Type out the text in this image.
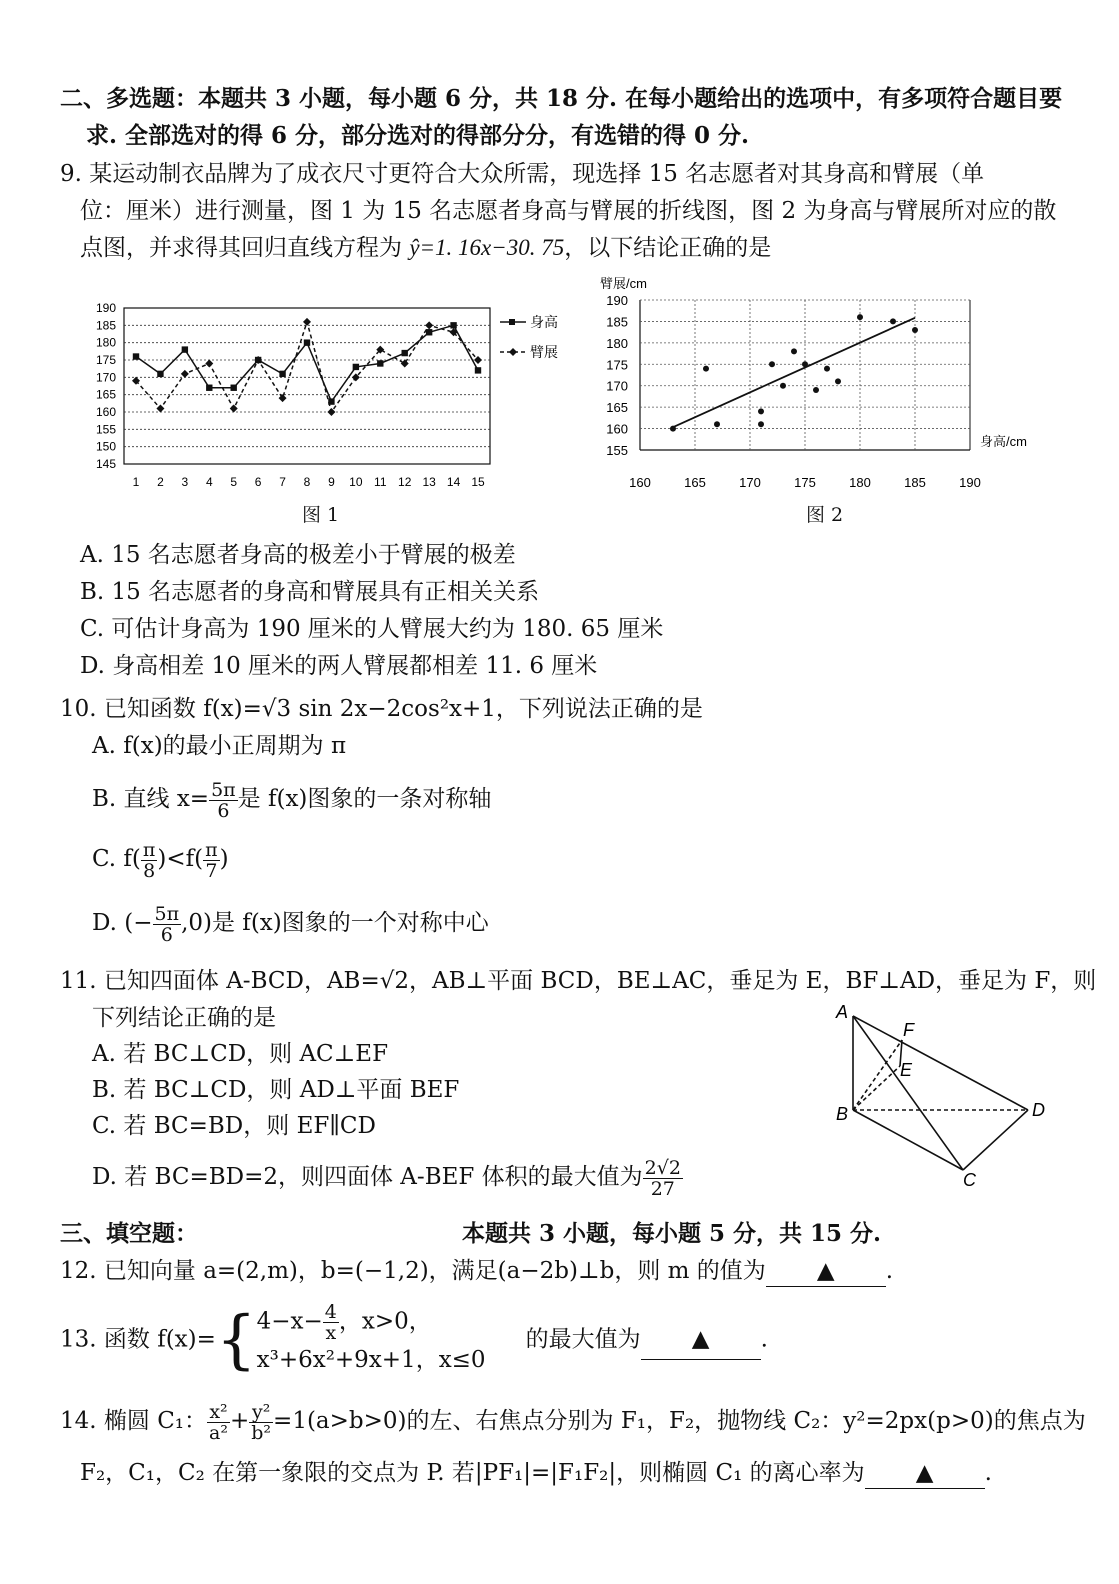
二、多选题：本题共 3 小题，每小题 6 分，共 18 分. 在每小题给出的选项中，有多项符合题目要
求. 全部选对的得 6 分，部分选对的得部分分，有选错的得 0 分.
9. 某运动制衣品牌为了成衣尺寸更符合大众所需，现选择 15 名志愿者对其身高和臂展（单
位：厘米）进行测量，图 1 为 15 名志愿者身高与臂展的折线图，图 2 为身高与臂展所对应的散
点图，并求得其回归直线方程为 ŷ=1. 16x−30. 75，以下结论正确的是
145
150
155
160
165
170
175
180
185
190
1 2 3 4 5 6 7 8 9 10 11 12 13 14 15
身高
臂展
图 1
155
160
165
170
175
180
185
190
160	165	170	175	180	185	190
臂展/cm
身高/cm
图 2
A. 15 名志愿者身高的极差小于臂展的极差
B. 15 名志愿者的身高和臂展具有正相关关系
C. 可估计身高为 190 厘米的人臂展大约为 180. 65 厘米
D. 身高相差 10 厘米的两人臂展都相差 11. 6 厘米
10. 已知函数 f(x)=√3 sin 2x−2cos²x+1，下列说法正确的是
A. f(x)的最小正周期为 π
B. 直线 $x= \frac{5\pi}{6}$ 是 f(x)图象的一条对称轴
C. $f( \frac{\pi}{8} )<f( \frac{\pi}{7}$ )
D. (− $\frac{5\pi}{6} ,0$)是 f(x)图象的一个对称中心
11. 已知四面体 A-BCD，AB=√2，AB⊥平面 BCD，BE⊥AC，垂足为 E，BF⊥AD，垂足为 F，则
下列结论正确的是
A. 若 BC⊥CD，则 AC⊥EF
B. 若 BC⊥CD，则 AD⊥平面 BEF
C. 若 BC=BD，则 EF∥CD
D. 若 BC=BD=2，则四面体 A-BEF 体积的最大值为 $\frac{2√2}{27}$
A
B
C
D
E
F
三、填空题：	本题共 3 小题，每小题 5 分，共 15 分.
12. 已知向量 a=(2,m)，b=(−1,2)，满足(a−2b)⊥b，则 m 的值为 ▲ .
13. 函数 f(x)={ $4-x- \frac{4}{x}$ ，x>0，
x³+6x²+9x+1，x≤0
的最大值为 ▲ .
14. 椭圆 C₁： $\frac{\text{x²}}{\text{a²}} + \frac{\text{y²}}{\text{b²}} =1(a>b>0)$的左、右焦点分别为 F₁，F₂，抛物线 C₂：y²=2px(p>0)的焦点为
F₂，C₁，C₂ 在第一象限的交点为 P. 若|PF₁|=|F₁F₂|，则椭圆 C₁ 的离心率为 ▲ .
